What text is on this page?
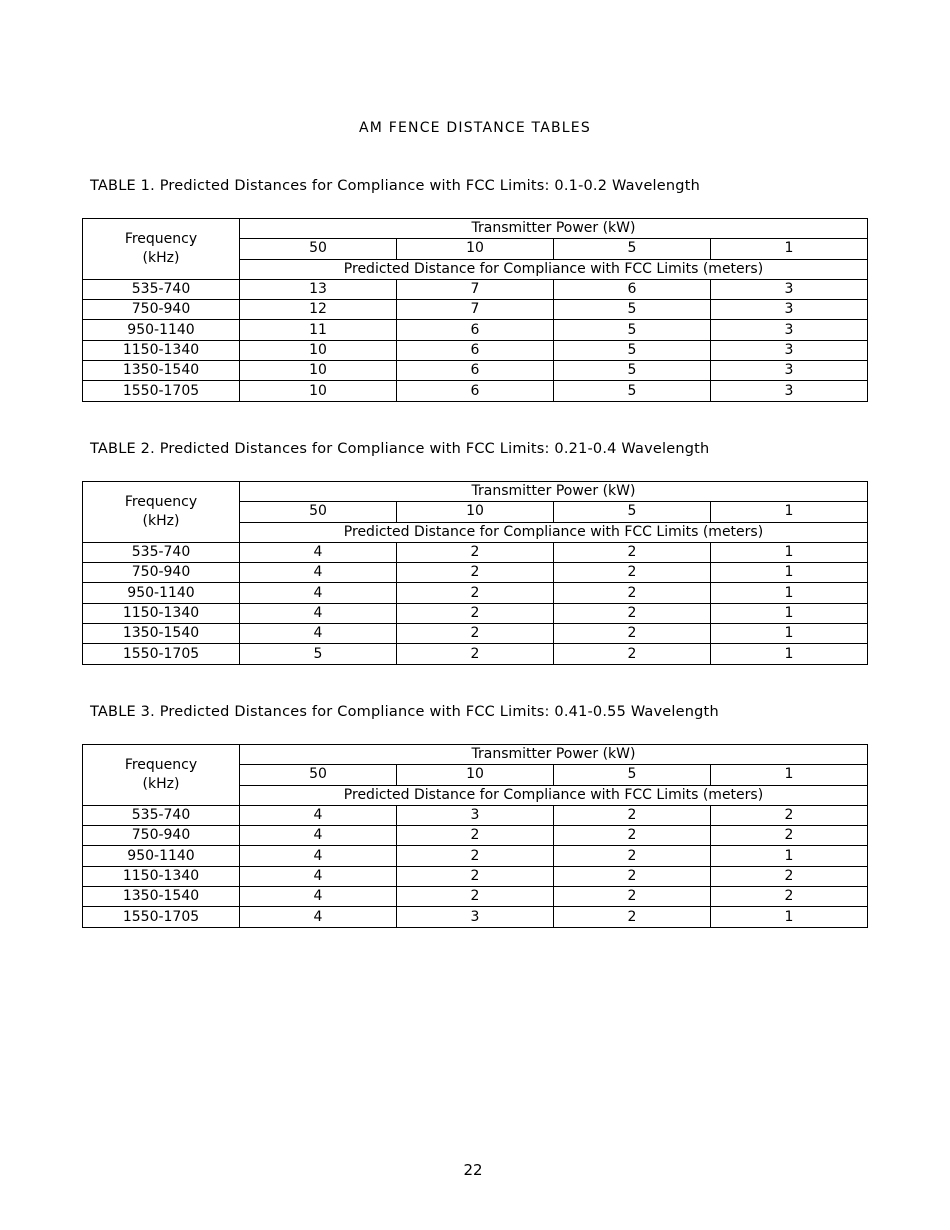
AM FENCE DISTANCE TABLES
TABLE 1. Predicted Distances for Compliance with FCC Limits: 0.1-0.2 Wavelength
Frequency
(kHz)	Transmitter Power (kW)			
	50	10	5	1
	Predicted Distance for Compliance with FCC Limits (meters)			
535-740	13	7	6	3
750-940	12	7	5	3
950-1140	11	6	5	3
1150-1340	10	6	5	3
1350-1540	10	6	5	3
1550-1705	10	6	5	3
TABLE 2. Predicted Distances for Compliance with FCC Limits: 0.21-0.4 Wavelength
Frequency
(kHz)	Transmitter Power (kW)			
	50	10	5	1
	Predicted Distance for Compliance with FCC Limits (meters)			
535-740	4	2	2	1
750-940	4	2	2	1
950-1140	4	2	2	1
1150-1340	4	2	2	1
1350-1540	4	2	2	1
1550-1705	5	2	2	1
TABLE 3. Predicted Distances for Compliance with FCC Limits: 0.41-0.55 Wavelength
Frequency
(kHz)	Transmitter Power (kW)			
	50	10	5	1
	Predicted Distance for Compliance with FCC Limits (meters)			
535-740	4	3	2	2
750-940	4	2	2	2
950-1140	4	2	2	1
1150-1340	4	2	2	2
1350-1540	4	2	2	2
1550-1705	4	3	2	1
22
